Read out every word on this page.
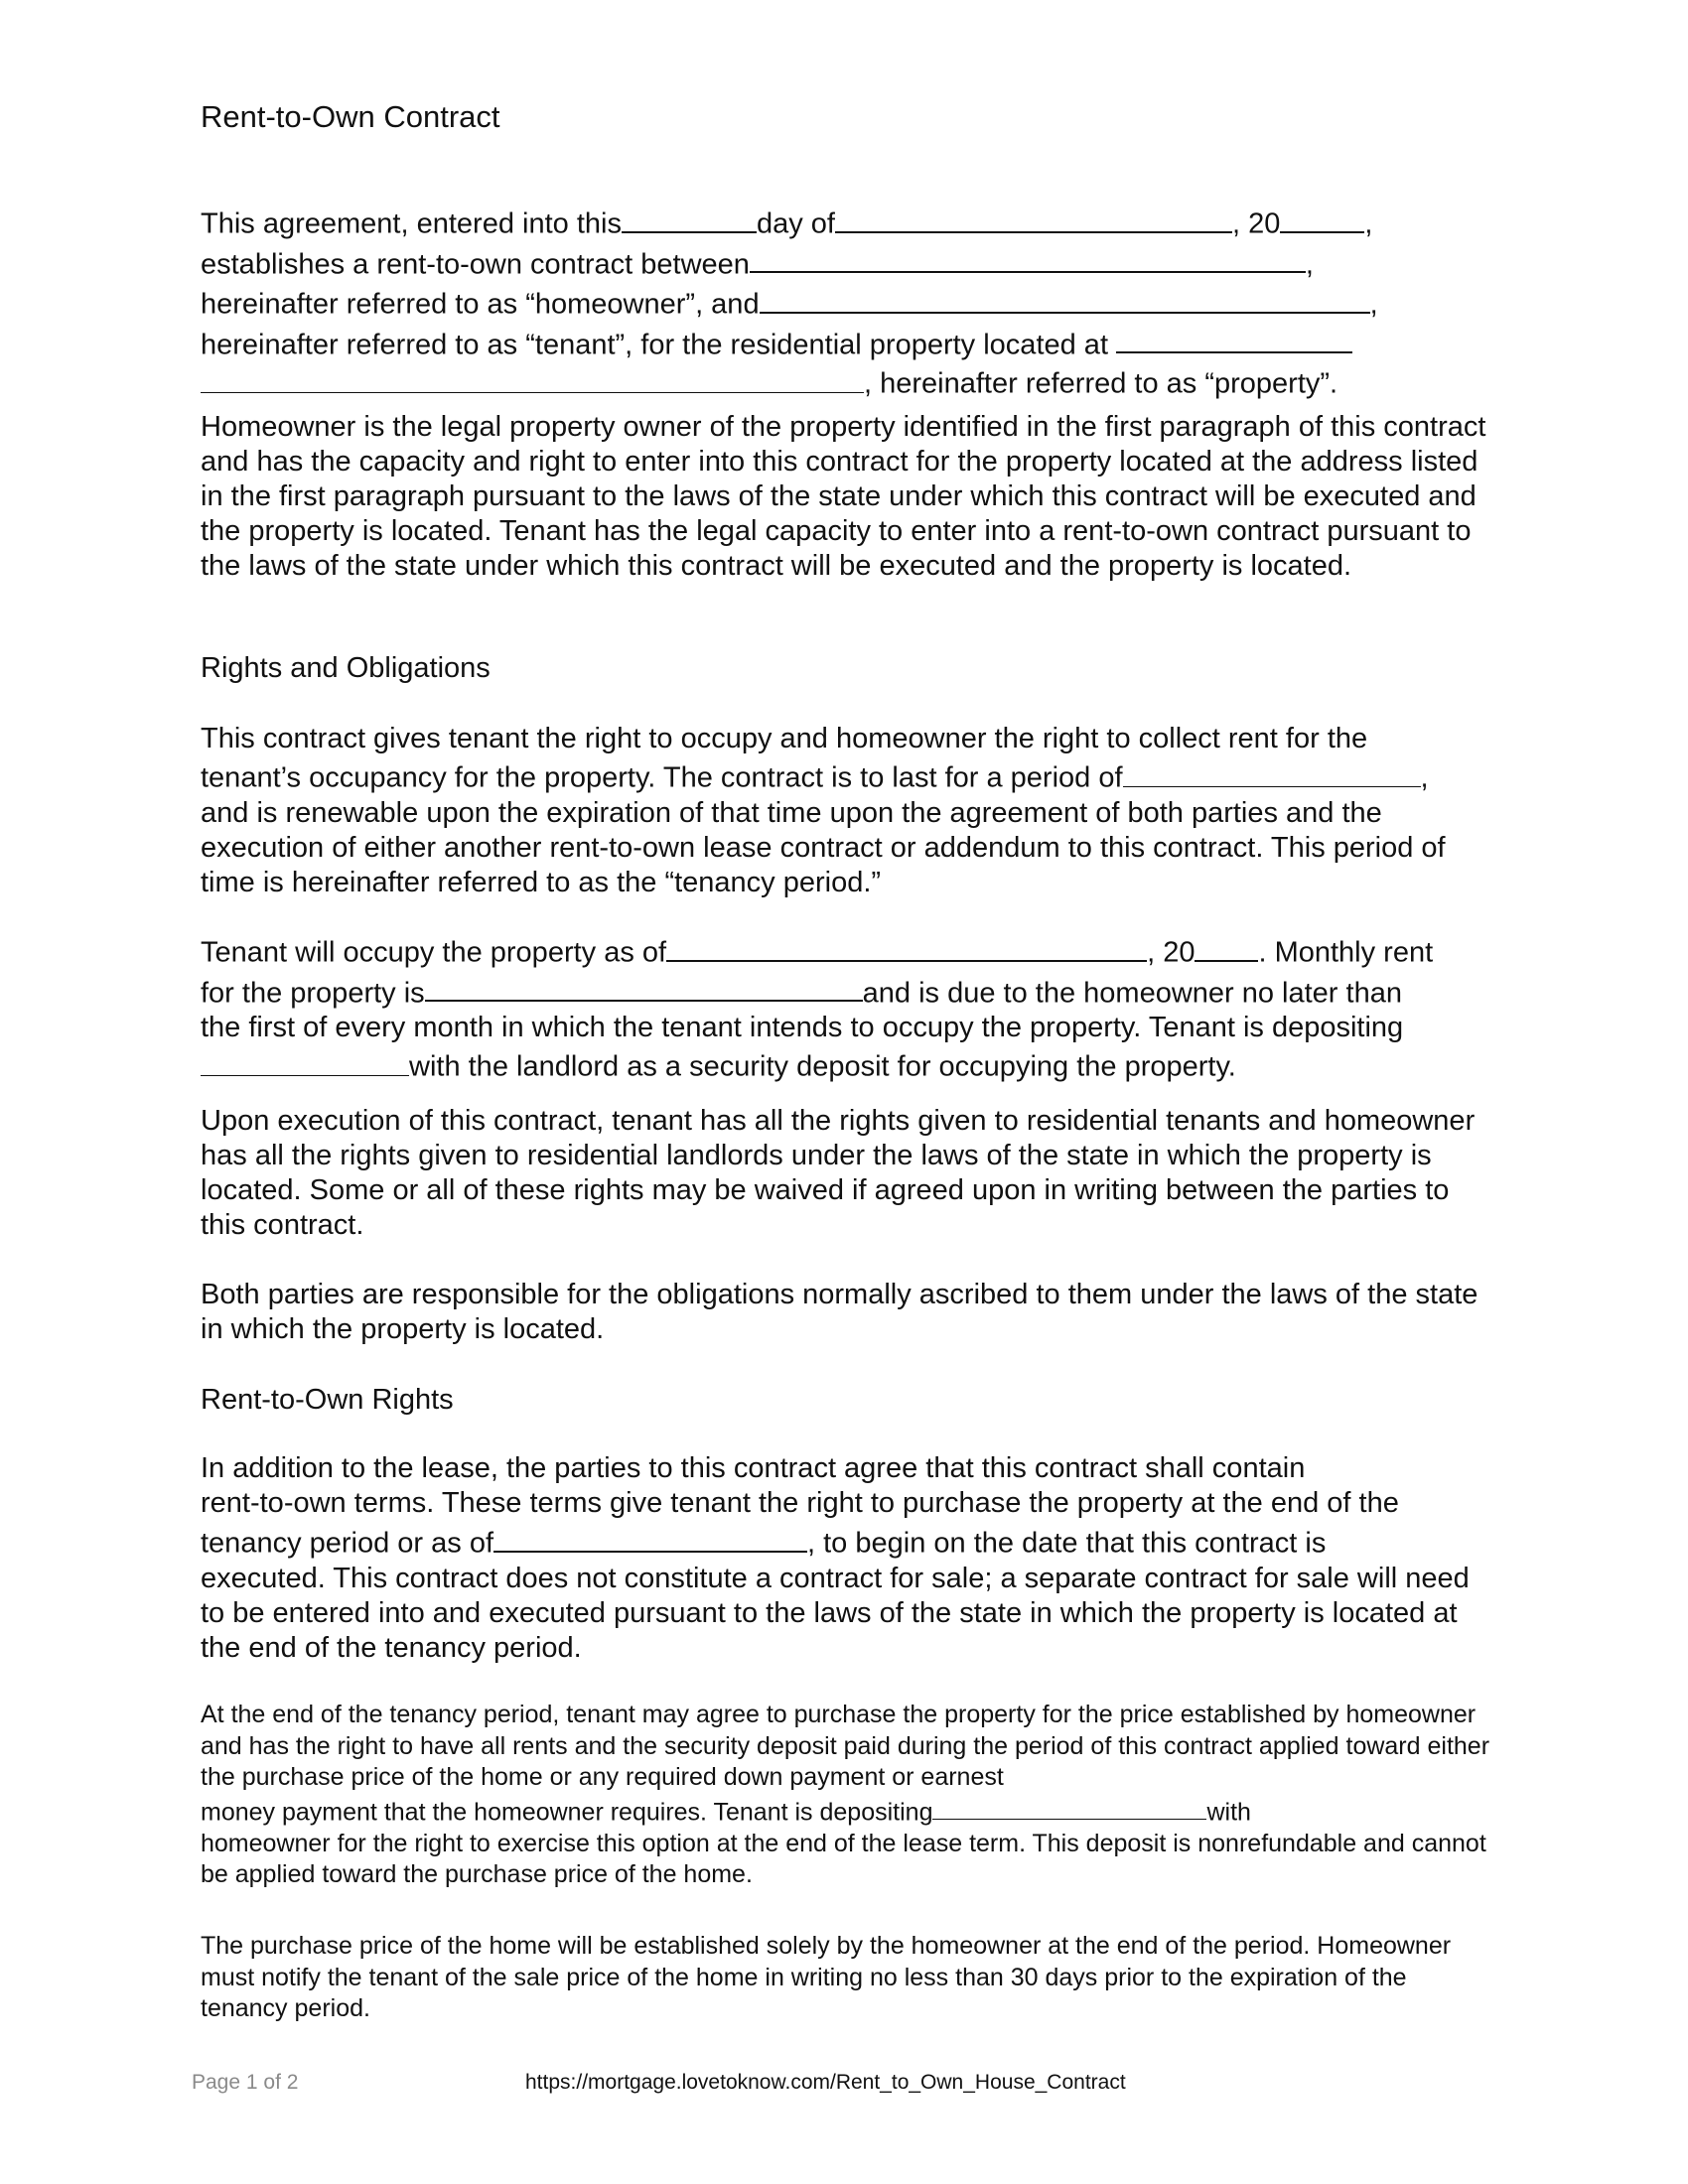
Rent-to-Own Contract
This agreement, entered into this	day of	, 20	,
establishes a rent-to-own contract between	,
hereinafter referred to as “homeowner”, and	,
hereinafter referred to as “tenant”, for the residential property located at
, hereinafter referred to as “property”.
Homeowner is the legal property owner of the property identified in the first paragraph of this contract and has the capacity and right to enter into this contract for the property located at the address listed in the first paragraph pursuant to the laws of the state under which this contract will be executed and the property is located. Tenant has the legal capacity to enter into a rent-to-own contract pursuant to the laws of the state under which this contract will be executed and the property is located.
Rights and Obligations
This contract gives tenant the right to occupy and homeowner the right to collect rent for the
tenant’s occupancy for the property. The contract is to last for a period of	,
and is renewable upon the expiration of that time upon the agreement of both parties and the execution of either another rent-to-own lease contract or addendum to this contract. This period of time is hereinafter referred to as the “tenancy period.”
Tenant will occupy the property as of	, 20 . Monthly rent
for the property is	and is due to the homeowner no later than
the first of every month in which the tenant intends to occupy the property. Tenant is depositing
with the landlord as a security deposit for occupying the property.
Upon execution of this contract, tenant has all the rights given to residential tenants and homeowner has all the rights given to residential landlords under the laws of the state in which the property is located. Some or all of these rights may be waived if agreed upon in writing between the parties to this contract.
Both parties are responsible for the obligations normally ascribed to them under the laws of the state in which the property is located.
Rent-to-Own Rights
In addition to the lease, the parties to this contract agree that this contract shall contain
rent-to-own terms. These terms give tenant the right to purchase the property at the end of the
tenancy period or as of	, to begin on the date that this contract is
executed. This contract does not constitute a contract for sale; a separate contract for sale will need to be entered into and executed pursuant to the laws of the state in which the property is located at the end of the tenancy period.
At the end of the tenancy period, tenant may agree to purchase the property for the price established by homeowner and has the right to have all rents and the security deposit paid during the period of this contract applied toward either the purchase price of the home or any required down payment or earnest
money payment that the homeowner requires. Tenant is depositing	with
homeowner for the right to exercise this option at the end of the lease term. This deposit is nonrefundable and cannot be applied toward the purchase price of the home.
The purchase price of the home will be established solely by the homeowner at the end of the period. Homeowner must notify the tenant of the sale price of the home in writing no less than 30 days prior to the expiration of the tenancy period.
Page 1 of 2	https://mortgage.lovetoknow.com/Rent_to_Own_House_Contract
